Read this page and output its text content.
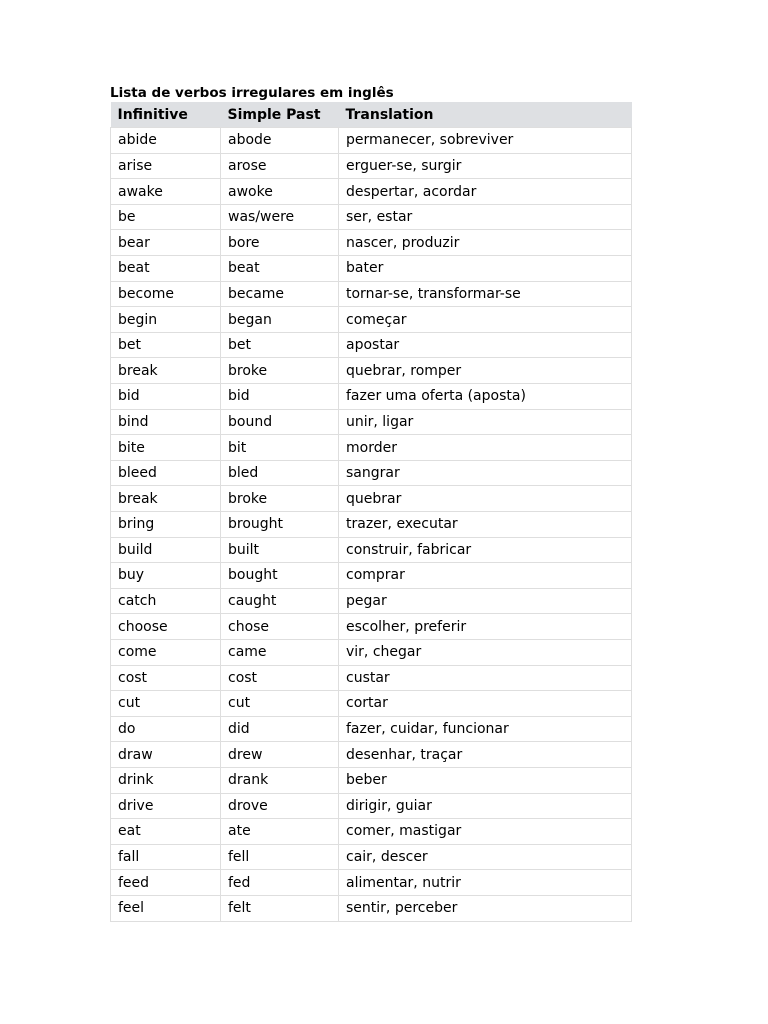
Lista de verbos irregulares em inglês
Infinitive	Simple Past	Translation
abide	abode	permanecer, sobreviver
arise	arose	erguer-se, surgir
awake	awoke	despertar, acordar
be	was/were	ser, estar
bear	bore	nascer, produzir
beat	beat	bater
become	became	tornar-se, transformar-se
begin	began	começar
bet	bet	apostar
break	broke	quebrar, romper
bid	bid	fazer uma oferta (aposta)
bind	bound	unir, ligar
bite	bit	morder
bleed	bled	sangrar
break	broke	quebrar
bring	brought	trazer, executar
build	built	construir, fabricar
buy	bought	comprar
catch	caught	pegar
choose	chose	escolher, preferir
come	came	vir, chegar
cost	cost	custar
cut	cut	cortar
do	did	fazer, cuidar, funcionar
draw	drew	desenhar, traçar
drink	drank	beber
drive	drove	dirigir, guiar
eat	ate	comer, mastigar
fall	fell	cair, descer
feed	fed	alimentar, nutrir
feel	felt	sentir, perceber
